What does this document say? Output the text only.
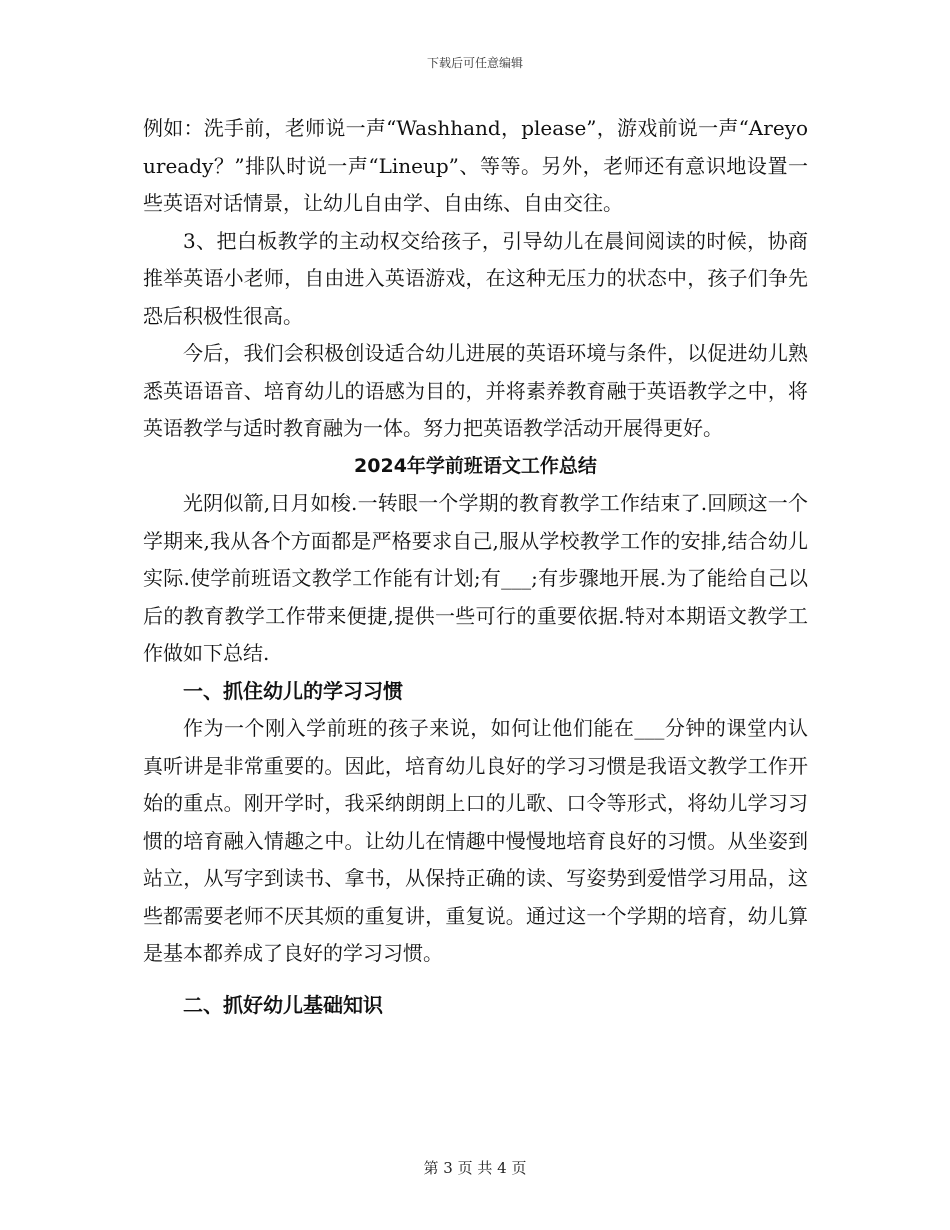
下载后可任意编辑

例如：洗手前，老师说一声“Washhand，please”，游戏前说一声“Areyouready？”排队时说一声“Lineup”、等等。另外，老师还有意识地设置一些英语对话情景，让幼儿自由学、自由练、自由交往。

3、把白板教学的主动权交给孩子，引导幼儿在晨间阅读的时候，协商推举英语小老师，自由进入英语游戏，在这种无压力的状态中，孩子们争先恐后积极性很高。

今后，我们会积极创设适合幼儿进展的英语环境与条件，以促进幼儿熟悉英语语音、培育幼儿的语感为目的，并将素养教育融于英语教学之中，将英语教学与适时教育融为一体。努力把英语教学活动开展得更好。

2024年学前班语文工作总结

光阴似箭,日月如梭.一转眼一个学期的教育教学工作结束了.回顾这一个学期来,我从各个方面都是严格要求自己,服从学校教学工作的安排,结合幼儿实际.使学前班语文教学工作能有计划;有___;有步骤地开展.为了能给自己以后的教育教学工作带来便捷,提供一些可行的重要依据.特对本期语文教学工作做如下总结.

一、抓住幼儿的学习习惯

作为一个刚入学前班的孩子来说，如何让他们能在___分钟的课堂内认真听讲是非常重要的。因此，培育幼儿良好的学习习惯是我语文教学工作开始的重点。刚开学时，我采纳朗朗上口的儿歌、口令等形式，将幼儿学习习惯的培育融入情趣之中。让幼儿在情趣中慢慢地培育良好的习惯。从坐姿到站立，从写字到读书、拿书，从保持正确的读、写姿势到爱惜学习用品，这些都需要老师不厌其烦的重复讲，重复说。通过这一个学期的培育，幼儿算是基本都养成了良好的学习习惯。

二、抓好幼儿基础知识

第 3 页 共 4 页
